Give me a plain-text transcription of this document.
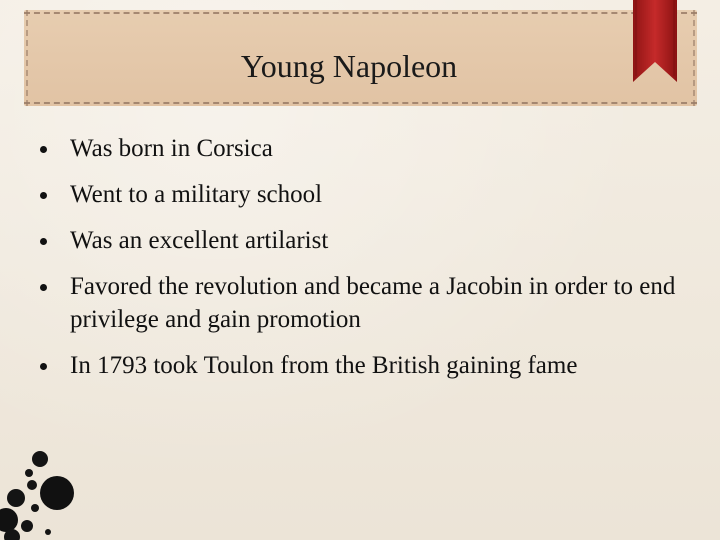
Young Napoleon
Was born in Corsica
Went to a military school
Was an excellent artilarist
Favored the revolution and became a Jacobin in order to end privilege and gain promotion
In 1793 took Toulon from the British gaining fame
